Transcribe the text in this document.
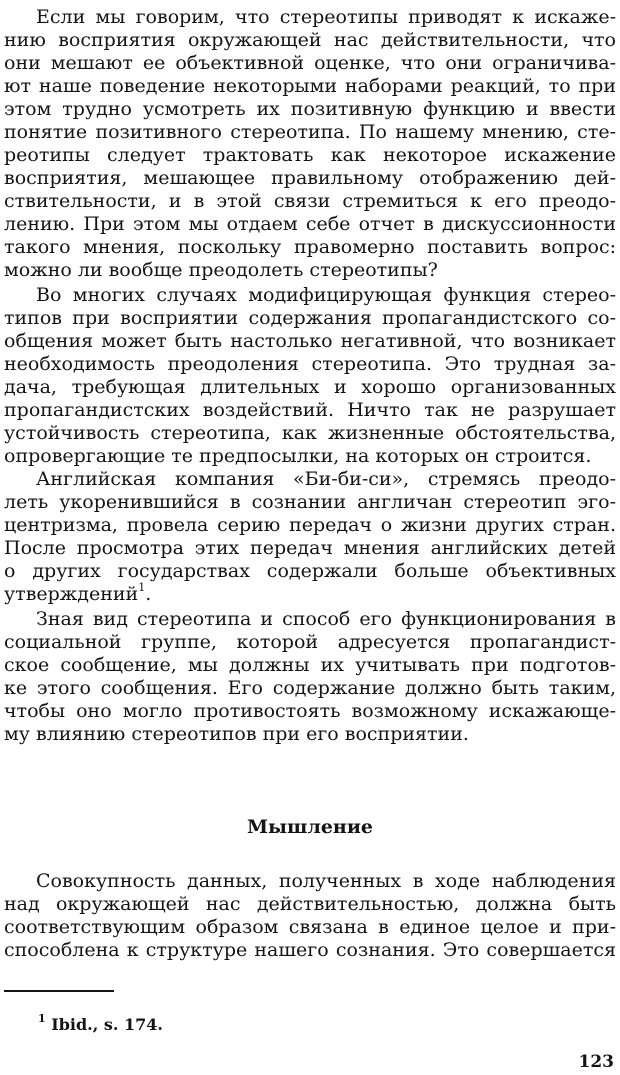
Если мы говорим, что стереотипы приводят к искаже-
нию восприятия окружающей нас действительности, что
они мешают ее объективной оценке, что они ограничива-
ют наше поведение некоторыми наборами реакций, то при
этом трудно усмотреть их позитивную функцию и ввести
понятие позитивного стереотипа. По нашему мнению, сте-
реотипы следует трактовать как некоторое искажение
восприятия, мешающее правильному отображению дей-
ствительности, и в этой связи стремиться к его преодо-
лению. При этом мы отдаем себе отчет в дискуссионности
такого мнения, поскольку правомерно поставить вопрос:
можно ли вообще преодолеть стереотипы?
Во многих случаях модифицирующая функция стерео-
типов при восприятии содержания пропагандистского со-
общения может быть настолько негативной, что возникает
необходимость преодоления стереотипа. Это трудная за-
дача, требующая длительных и хорошо организованных
пропагандистских воздействий. Ничто так не разрушает
устойчивость стереотипа, как жизненные обстоятельства,
опровергающие те предпосылки, на которых он строится.
Английская компания «Би-би-си», стремясь преодо-
леть укоренившийся в сознании англичан стереотип эго-
центризма, провела серию передач о жизни других стран.
После просмотра этих передач мнения английских детей
о других государствах содержали больше объективных
утверждений$^1$.
Зная вид стереотипа и способ его функционирования в
социальной группе, которой адресуется пропагандист-
ское сообщение, мы должны их учитывать при подготов-
ке этого сообщения. Его содержание должно быть таким,
чтобы оно могло противостоять возможному искажающе-
му влиянию стереотипов при его восприятии.
Мышление
Совокупность данных, полученных в ходе наблюдения
над окружающей нас действительностью, должна быть
соответствующим образом связана в единое целое и при-
способлена к структуре нашего сознания. Это совершается
$^1$ Ibid., s. 174.
123
